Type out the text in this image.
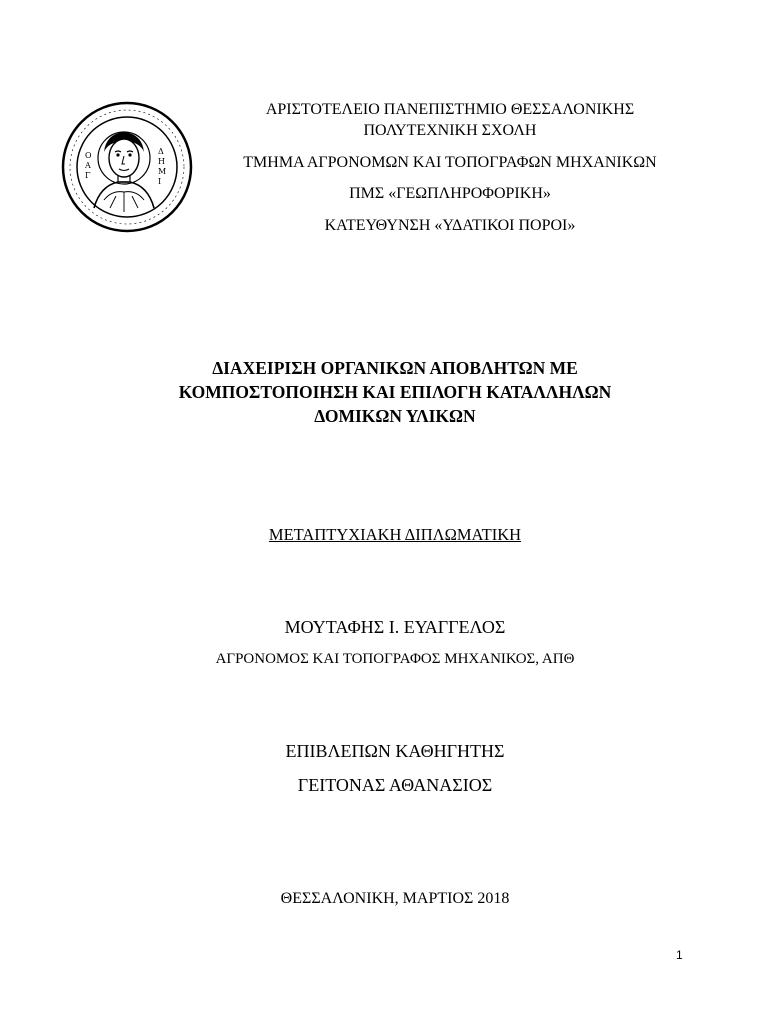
Ο
Α
Γ
Δ
Η
Μ
Ι
ΑΡΙΣΤΟΤΕΛΕΙΟ ΠΑΝΕΠΙΣΤΗΜΙΟ ΘΕΣΣΑΛΟΝΙΚΗΣ
ΠΟΛΥΤΕΧΝΙΚΗ ΣΧΟΛΗ
ΤΜΗΜΑ ΑΓΡΟΝΟΜΩΝ ΚΑΙ ΤΟΠΟΓΡΑΦΩΝ ΜΗΧΑΝΙΚΩΝ
ΠΜΣ «ΓΕΩΠΛΗΡΟΦΟΡΙΚΗ»
ΚΑΤΕΥΘΥΝΣΗ «ΥΔΑΤΙΚΟΙ ΠΟΡΟΙ»
ΔΙΑΧΕΙΡΙΣΗ ΟΡΓΑΝΙΚΩΝ ΑΠΟΒΛΗΤΩΝ ΜΕ
ΚΟΜΠΟΣΤΟΠΟΙΗΣΗ ΚΑΙ ΕΠΙΛΟΓΗ ΚΑΤΑΛΛΗΛΩΝ
ΔΟΜΙΚΩΝ ΥΛΙΚΩΝ
ΜΕΤΑΠΤΥΧΙΑΚΗ ΔΙΠΛΩΜΑΤΙΚΗ
ΜΟΥΤΑΦΗΣ Ι. ΕΥΑΓΓΕΛΟΣ
ΑΓΡΟΝΟΜΟΣ ΚΑΙ ΤΟΠΟΓΡΑΦΟΣ ΜΗΧΑΝΙΚΟΣ, ΑΠΘ
ΕΠΙΒΛΕΠΩΝ ΚΑΘΗΓΗΤΗΣ
ΓΕΙΤΟΝΑΣ ΑΘΑΝΑΣΙΟΣ
ΘΕΣΣΑΛΟΝΙΚΗ, ΜΑΡΤΙΟΣ 2018
1
